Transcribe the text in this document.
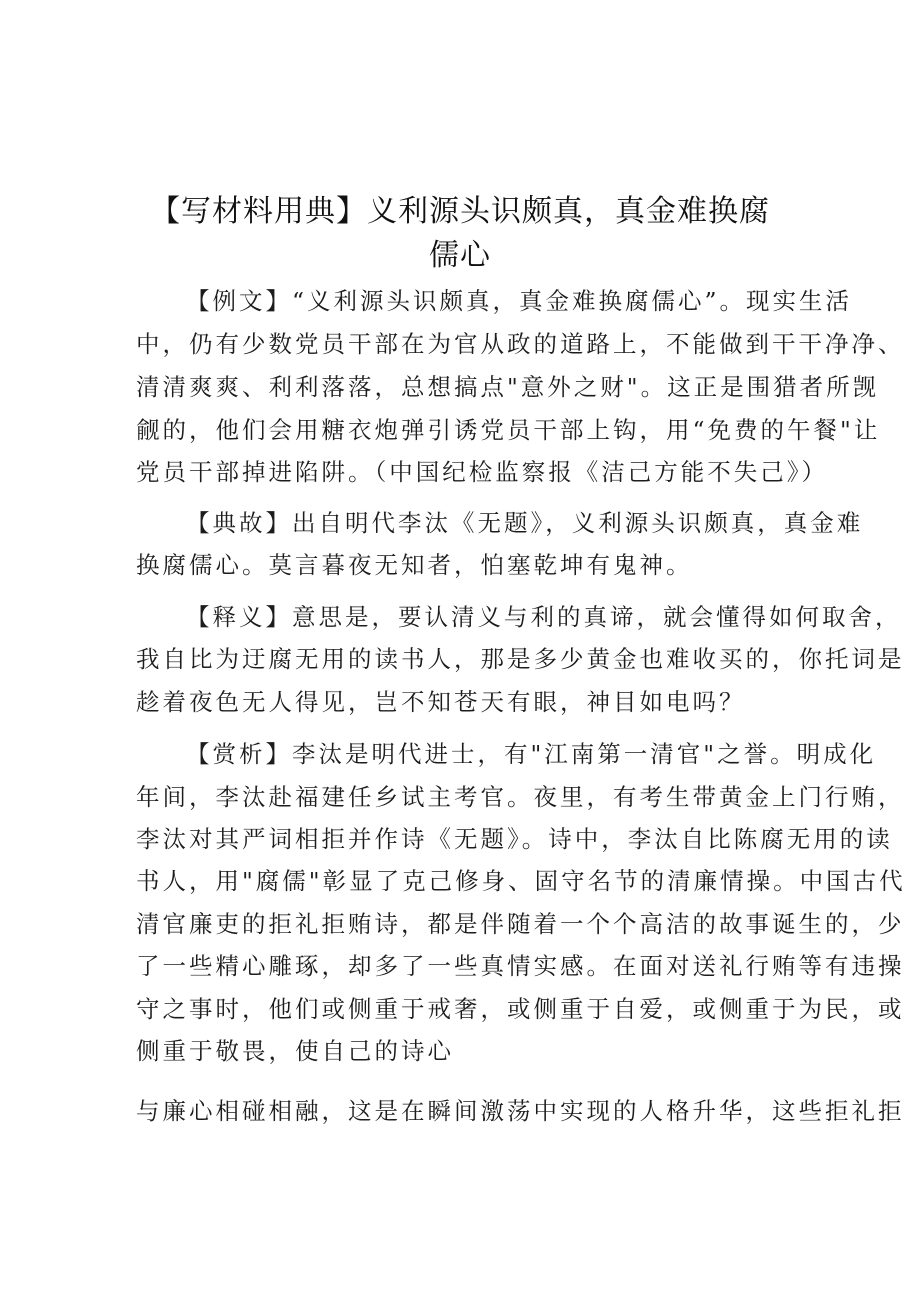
【写材料用典】义利源头识颇真，真金难换腐
儒心
【例文】“义利源头识颇真，真金难换腐儒心”。现实生活
中，仍有少数党员干部在为官从政的道路上，不能做到干干净净、
清清爽爽、利利落落，总想搞点"意外之财"。这正是围猎者所觊
觎的，他们会用糖衣炮弹引诱党员干部上钩，用“免费的午餐"让
党员干部掉进陷阱。（中国纪检监察报《洁己方能不失己》）
【典故】出自明代李汰《无题》，义利源头识颇真，真金难
换腐儒心。莫言暮夜无知者，怕塞乾坤有鬼神。
【释义】意思是，要认清义与利的真谛，就会懂得如何取舍，
我自比为迂腐无用的读书人，那是多少黄金也难收买的，你托词是
趁着夜色无人得见，岂不知苍天有眼，神目如电吗？
【赏析】李汰是明代进士，有"江南第一清官"之誉。明成化
年间，李汰赴福建任乡试主考官。夜里，有考生带黄金上门行贿，
李汰对其严词相拒并作诗《无题》。诗中，李汰自比陈腐无用的读
书人，用"腐儒"彰显了克己修身、固守名节的清廉情操。中国古代
清官廉吏的拒礼拒贿诗，都是伴随着一个个高洁的故事诞生的，少
了一些精心雕琢，却多了一些真情实感。在面对送礼行贿等有违操
守之事时，他们或侧重于戒奢，或侧重于自爱，或侧重于为民，或
侧重于敬畏，使自己的诗心
与廉心相碰相融，这是在瞬间激荡中实现的人格升华，这些拒礼拒
